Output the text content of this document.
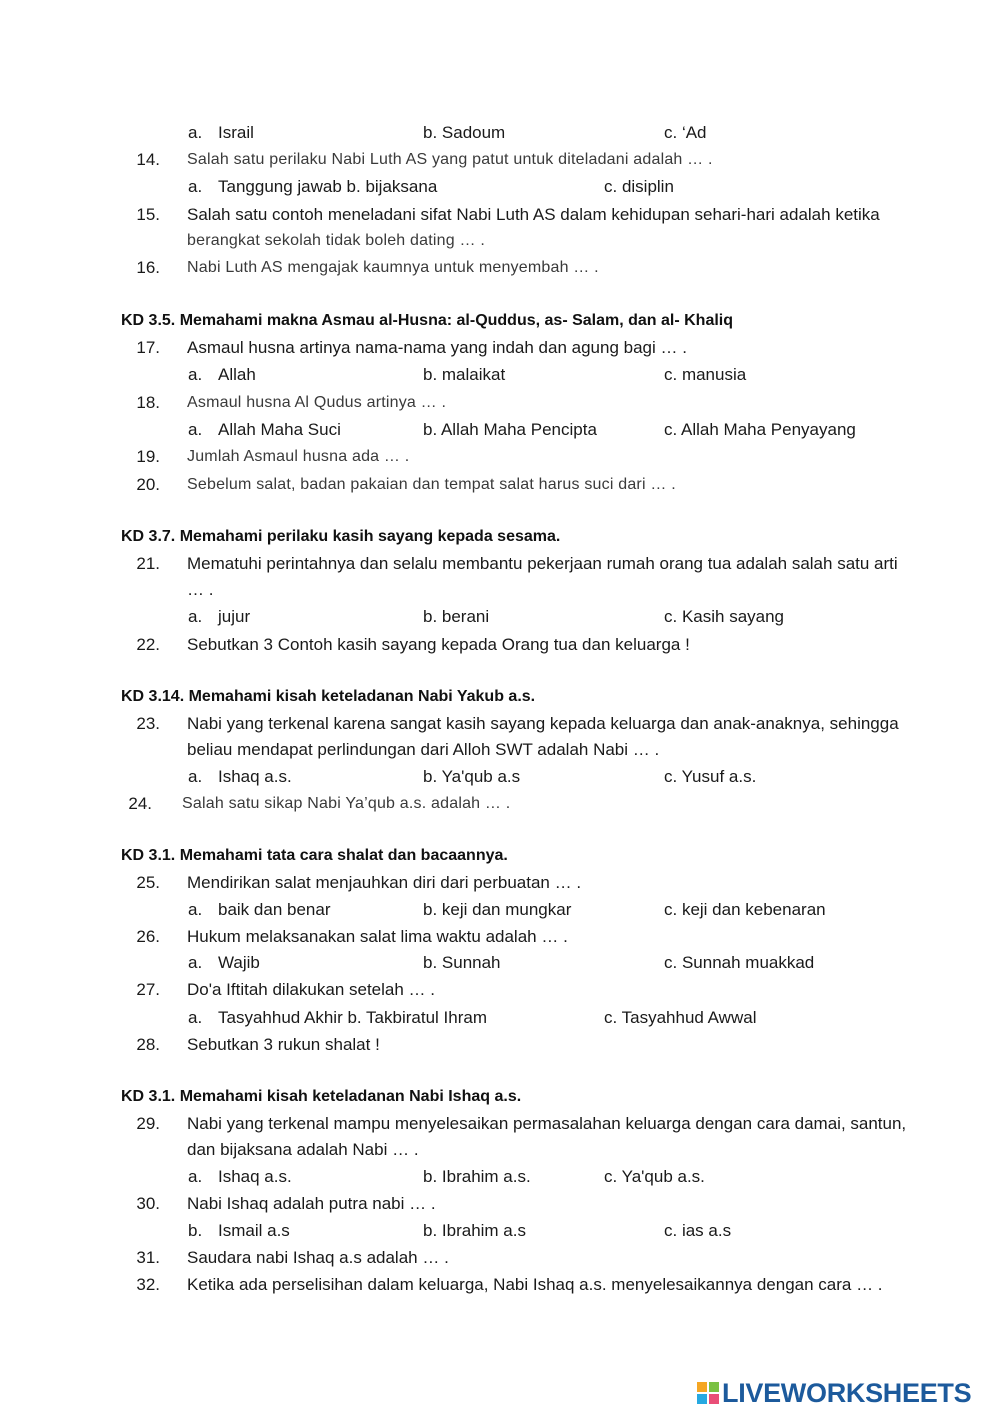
a. Israil	b. Sadoum	c. ‘Ad
14. Salah satu perilaku Nabi Luth AS yang patut untuk diteladani adalah … .
a. Tanggung jawab b. bijaksana	c. disiplin
15. Salah satu contoh meneladani sifat Nabi Luth AS dalam kehidupan sehari-hari adalah ketika
berangkat sekolah tidak boleh dating … .
16. Nabi Luth AS mengajak kaumnya untuk menyembah … .
KD 3.5. Memahami makna Asmau al-Husna: al-Quddus, as- Salam, dan al- Khaliq
17. Asmaul husna artinya nama-nama yang indah dan agung bagi … .
a. Allah	b. malaikat	c. manusia
18. Asmaul husna Al Qudus artinya … .
a. Allah Maha Suci	b. Allah Maha Pencipta	c. Allah Maha Penyayang
19. Jumlah Asmaul husna ada … .
20. Sebelum salat, badan pakaian dan tempat salat harus suci dari … .
KD 3.7. Memahami perilaku kasih sayang kepada sesama.
21. Mematuhi perintahnya dan selalu membantu pekerjaan rumah orang tua adalah salah satu arti
… .
a. jujur	b. berani	c. Kasih sayang
22. Sebutkan 3 Contoh kasih sayang kepada Orang tua dan keluarga !
KD 3.14. Memahami kisah keteladanan Nabi Yakub a.s.
23. Nabi yang terkenal karena sangat kasih sayang kepada keluarga dan anak-anaknya, sehingga
beliau mendapat perlindungan dari Alloh SWT adalah Nabi … .
a. Ishaq a.s.	b. Ya'qub a.s	c. Yusuf a.s.
24. Salah satu sikap Nabi Ya’qub a.s. adalah … .
KD 3.1. Memahami tata cara shalat dan bacaannya.
25. Mendirikan salat menjauhkan diri dari perbuatan … .
a. baik dan benar	b. keji dan mungkar	c. keji dan kebenaran
26. Hukum melaksanakan salat lima waktu adalah … .
a. Wajib	b. Sunnah	c. Sunnah muakkad
27. Do'a Iftitah dilakukan setelah … .
a. Tasyahhud Akhir b. Takbiratul Ihram	c. Tasyahhud Awwal
28. Sebutkan 3 rukun shalat !
KD 3.1. Memahami kisah keteladanan Nabi Ishaq a.s.
29. Nabi yang terkenal mampu menyelesaikan permasalahan keluarga dengan cara damai, santun,
dan bijaksana adalah Nabi … .
a. Ishaq a.s.	b. Ibrahim a.s.	c. Ya'qub a.s.
30. Nabi Ishaq adalah putra nabi … .
b. Ismail a.s	b. Ibrahim a.s	c. ias a.s
31. Saudara nabi Ishaq a.s adalah … .
32. Ketika ada perselisihan dalam keluarga, Nabi Ishaq a.s. menyelesaikannya dengan cara … .
LIVEWORKSHEETS
